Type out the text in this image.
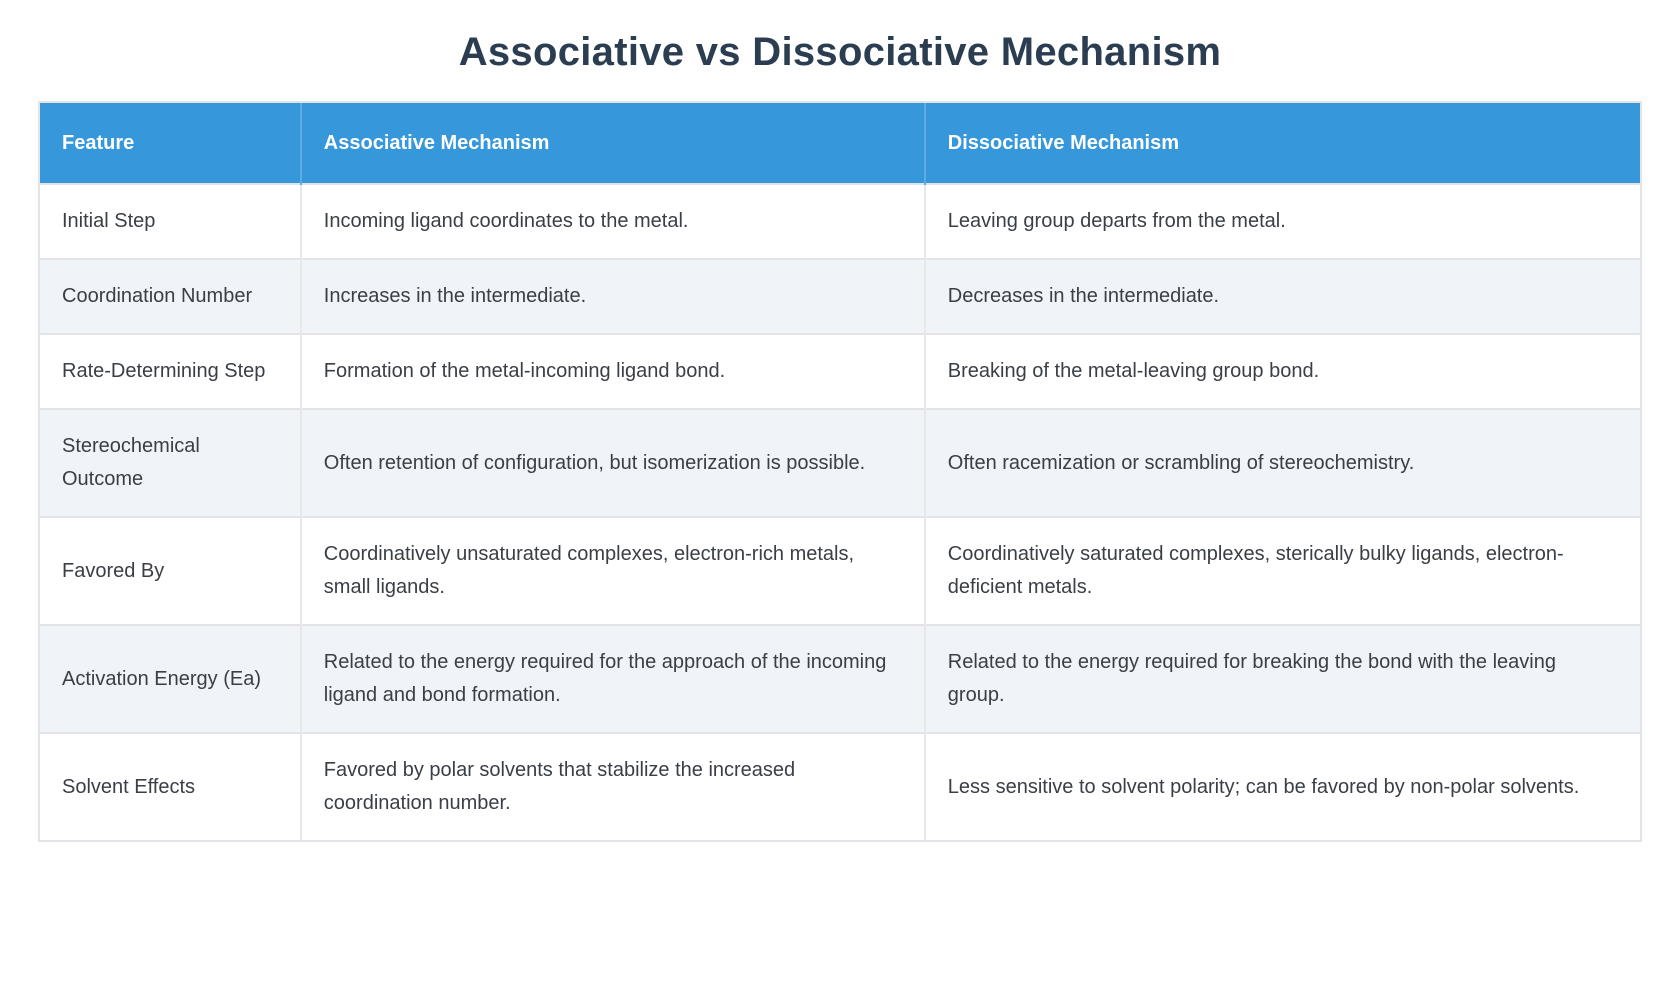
Associative vs Dissociative Mechanism
Feature	Associative Mechanism	Dissociative Mechanism
Initial Step	Incoming ligand coordinates to the metal.	Leaving group departs from the metal.
Coordination Number	Increases in the intermediate.	Decreases in the intermediate.
Rate-Determining Step	Formation of the metal-incoming ligand bond.	Breaking of the metal-leaving group bond.
Stereochemical Outcome	Often retention of configuration, but isomerization is possible.	Often racemization or scrambling of stereochemistry.
Favored By	Coordinatively unsaturated complexes, electron-rich metals, small ligands.	Coordinatively saturated complexes, sterically bulky ligands, electron-deficient metals.
Activation Energy (Ea)	Related to the energy required for the approach of the incoming ligand and bond formation.	Related to the energy required for breaking the bond with the leaving group.
Solvent Effects	Favored by polar solvents that stabilize the increased coordination number.	Less sensitive to solvent polarity; can be favored by non-polar solvents.
